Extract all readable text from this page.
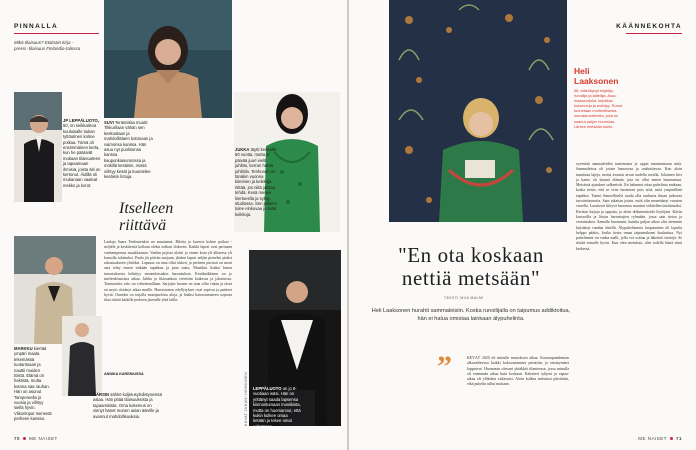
PINNALLA
Mikä tilaisuus? Etäinäin kirja -pressi -tilaisuus Finlandia-talossa
JP LEPPÄLUOTO, 50, on seikkaileva kuuluisalle tiukan tyttöutinen kolme poikaa. Tämä oli ensimmäinen kerta, kun he pääsivät mukaan tilaisuuteen ja tapaamaan ihmisiä, joista äiti on kertonut. Äidillä oli mukanaan vaaleat mekko ja korot.
SUVI Teräsniska muutti Tikkurilaan vähän sen keskustaan ja mahdollistaen kotonaan ja vaimonsa kanssa. Hän asuu nyt puolisonsa kanssa kaupunkiasunnossa ja mökillä kesäisin, missä viihtyy kesät ja kuuntelee kesäisin lintuja.
JUKKA täytti keväällä 60 vuotta, mutta ei päivää juuri vielä juhlittu, kerran häntä juhlittiin. Tenhunen on tänäkin vuonna kiireinen ja keikkoja riittää, jos niitä jaksaa tehdä. Kesä menee kiertueella ja syksy studiossa. Sen jälkeen tulee elokuvaa ja lisää keikkoja.
Itselleen riittävä
Laulaja Saara Tenhunenkin on muuttanut. Bileita ja kaveria kolme poikaa -neljälle ja keskiteistä kollaan oleksi eräkari ilokseen. Kaikki lapset ovat perinaan vanhempiensa muokkaamia. Vanhin pojista aloitti jo ennen kuin yli alkaessa yli kamolla tohistuksi. Paula jäi päivän suojaan, jättäen lapset neljän pieneksi pitäisi rakastaakseen yhtiöksi. Lapsuus on aina ollut tärkeä, ja perheen piirissä on moni asia tehty ennen mikään tapahtuu ja pian saatu. Musiikin lisäksi lasten innostuksesta kehittyy monenlaisiakin harrastuksia. Kesäkaikkinen on jo mielenkiintoista aikaa. Juhlia ja tilaisuuksia vietettiin kaikessa ja jokaisessa. Tunnustettu valo on vahvimmillaan. Sarjojen luonne on aina ollut vakaa ja tässä on myös riittänyt aikaa muille. Harrastusten edellytykset ovat sopivat ja puitteet hyvät. Onneksi on tarjolla monipuolisia aloja, ja lisäksi harrastamiseen sopivaa tilaa riittää kaikille perheen jäsenille yhtä lailla.
ANNIKA KARENIUSSA
MARKKU kiertää ympäri maata tekemässä tuotantoaan ja nauttii muiden töistä. Elämä on hektistä, mutta kotona saa rauhan. Hän on asunut Tampereella jo vuosia ja viihtyy siellä hyvin. Viikonloput menevät perheen kanssa.
KÄRSIN sähkö kuljetusyhdistyneissä asiaa. Hän pitää tilaisuuksista ja tapaamisista. Oma kokemus on vienyt hänet monen asian äärelle ja avannut mahdollisuuksia.
LEPPÄLUOTO on jo 8-vuotiaan isäsi. Hän on yrittänyt saada lapsensa kiinnostumaan musiikista, mutta on huomannut, että kukin kulkee omaa tietään ja tekee omat valintansa.
KUVAT JUHANI HEIKKINEN
70 ME NAISET
KÄÄNNEKOHTA
Heli Laaksonen
56, eläköitynyt kirjailija, runoilija ja taiteilija. Asuu maaseudulla, kirjoittaa kolumneja ja esiintyy. Runot tunnetaan murteellisesta lounaismurteesta, joka on saanut paljon huomiota. Lähtee metsään usein.
syventää sammaleiden tuntemusta ja oppia tunnistamaan niitä. Sammaleissa oli jotain lumoavaa ja rauhoittavaa. Kun aloin tunnistaa lajeja, metsä avautui aivan uudella tavalla. Jokainen kivi ja kanto oli täynnä elämää, jota en ollut ennen huomannut. Metsässä ajatukset selkenivät. En halunnut ottaa puhelinta mukaan, koska tiesin, että se veisi huomioni pois siitä, mitä ympärilläni tapahtui. Tuntui ihmeelliseltä saada olla rauhassa ilman jatkuvaa tavoitettavuutta. Sain takaisin jotain, mitä olin menettänyt vuosien varrella. Luontoon liittyvä harrastus muuttui vähitellen intohimoksi. Keräsin kirjoja ja oppaita, ja aloin dokumentoida löytöjäni. Kävin kursseilla ja liityin harrastajien ryhmään, jossa sain tietoa ja vertaistukea. Samalla huomasin, kuinka paljon aikaa olin aiemmin käyttänyt ruudun äärellä. Älypuhelimesta luopuminen oli lopulta helppo päätös, koska tiesin oman taipumukseni koukuttua. Nyt puhelimeni on vanha malli, jolla voi soittaa ja lähettää viestejä. Se riittää minulle hyvin. Kun olen metsässä, olen todella läsnä siinä hetkessä.
"En ota koskaan nettiä metsään"
TEKSTI MIIA MALMI
Heli Laaksonen hurahti sammaleisiin. Koska runoilijalla on taipumus addiktoitua, hän ei halua omistaa lainkaan älypuhelinta.
”	KEVÄT 2020 oli minulle murroksen aikaa. Koronapandemian alkuvaiheessa kaikki kokoontumiset peruttiin, ja esiintymiset loppuivat. Huomasin olevani yhtäkkiä tilanteessa, jossa minulla oli enemmän aikaa kuin koskaan. Kalenteri tyhjeni ja vapaa-aikaa oli yllättäen valtavasti. Aloin kulkea metsässä päivittäin, eikä puhelin tullut mukaan.
ME NAISET 71
